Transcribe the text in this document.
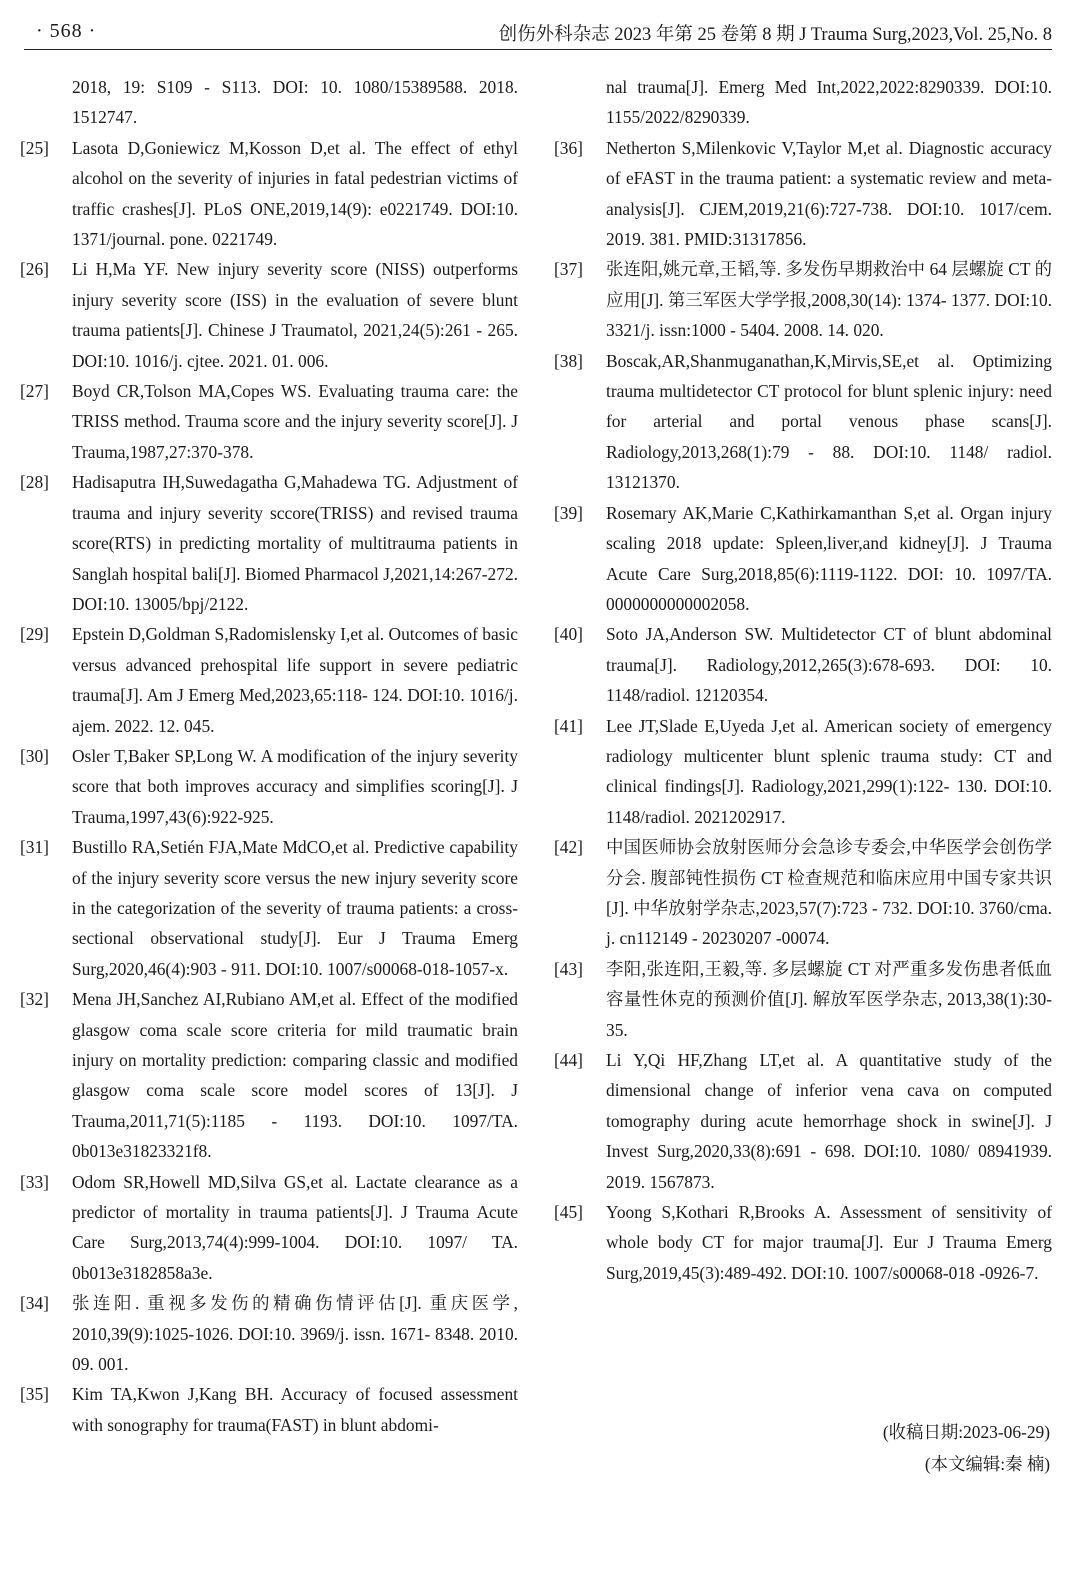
· 568 ·	创伤外科杂志 2023 年第 25 卷第 8 期 J Trauma Surg,2023,Vol. 25,No. 8
2018, 19: S109 - S113. DOI: 10. 1080/15389588. 2018. 1512747.
[25]	Lasota D,Goniewicz M,Kosson D,et al. The effect of ethyl alcohol on the severity of injuries in fatal pedestrian victims of traffic crashes[J]. PLoS ONE,2019,14(9): e0221749. DOI:10. 1371/journal. pone. 0221749.
[26]	Li H,Ma YF. New injury severity score (NISS) outperforms injury severity score (ISS) in the evaluation of severe blunt trauma patients[J]. Chinese J Traumatol, 2021,24(5):261 - 265. DOI:10. 1016/j. cjtee. 2021. 01. 006.
[27]	Boyd CR,Tolson MA,Copes WS. Evaluating trauma care: the TRISS method. Trauma score and the injury severity score[J]. J Trauma,1987,27:370-378.
[28]	Hadisaputra IH,Suwedagatha G,Mahadewa TG. Adjustment of trauma and injury severity sccore(TRISS) and revised trauma score(RTS) in predicting mortality of multitrauma patients in Sanglah hospital bali[J]. Biomed Pharmacol J,2021,14:267-272. DOI:10. 13005/bpj/2122.
[29]	Epstein D,Goldman S,Radomislensky I,et al. Outcomes of basic versus advanced prehospital life support in severe pediatric trauma[J]. Am J Emerg Med,2023,65:118- 124. DOI:10. 1016/j. ajem. 2022. 12. 045.
[30]	Osler T,Baker SP,Long W. A modification of the injury severity score that both improves accuracy and simplifies scoring[J]. J Trauma,1997,43(6):922-925.
[31]	Bustillo RA,Setién FJA,Mate MdCO,et al. Predictive capability of the injury severity score versus the new injury severity score in the categorization of the severity of trauma patients: a cross-sectional observational study[J]. Eur J Trauma Emerg Surg,2020,46(4):903 - 911. DOI:10. 1007/s00068-018-1057-x.
[32]	Mena JH,Sanchez AI,Rubiano AM,et al. Effect of the modified glasgow coma scale score criteria for mild traumatic brain injury on mortality prediction: comparing classic and modified glasgow coma scale score model scores of 13[J]. J Trauma,2011,71(5):1185 - 1193. DOI:10. 1097/TA. 0b013e31823321f8.
[33]	Odom SR,Howell MD,Silva GS,et al. Lactate clearance as a predictor of mortality in trauma patients[J]. J Trauma Acute Care Surg,2013,74(4):999-1004. DOI:10. 1097/ TA. 0b013e3182858a3e.
[34]	张连阳. 重视多发伤的精确伤情评估[J]. 重庆医学, 2010,39(9):1025-1026. DOI:10. 3969/j. issn. 1671- 8348. 2010. 09. 001.
[35]	Kim TA,Kwon J,Kang BH. Accuracy of focused assessment with sonography for trauma(FAST) in blunt abdomi-
nal trauma[J]. Emerg Med Int,2022,2022:8290339. DOI:10. 1155/2022/8290339.
[36]	Netherton S,Milenkovic V,Taylor M,et al. Diagnostic accuracy of eFAST in the trauma patient: a systematic review and meta-analysis[J]. CJEM,2019,21(6):727-738. DOI:10. 1017/cem. 2019. 381. PMID:31317856.
[37]	张连阳,姚元章,王韬,等. 多发伤早期救治中 64 层螺旋 CT 的应用[J]. 第三军医大学学报,2008,30(14): 1374- 1377. DOI:10. 3321/j. issn:1000 - 5404. 2008. 14. 020.
[38]	Boscak,AR,Shanmuganathan,K,Mirvis,SE,et al. Optimizing trauma multidetector CT protocol for blunt splenic injury: need for arterial and portal venous phase scans[J]. Radiology,2013,268(1):79 - 88. DOI:10. 1148/ radiol. 13121370.
[39]	Rosemary AK,Marie C,Kathirkamanthan S,et al. Organ injury scaling 2018 update: Spleen,liver,and kidney[J]. J Trauma Acute Care Surg,2018,85(6):1119-1122. DOI: 10. 1097/TA. 0000000000002058.
[40]	Soto JA,Anderson SW. Multidetector CT of blunt abdominal trauma[J]. Radiology,2012,265(3):678-693. DOI: 10. 1148/radiol. 12120354.
[41]	Lee JT,Slade E,Uyeda J,et al. American society of emergency radiology multicenter blunt splenic trauma study: CT and clinical findings[J]. Radiology,2021,299(1):122- 130. DOI:10. 1148/radiol. 2021202917.
[42]	中国医师协会放射医师分会急诊专委会,中华医学会创伤学分会. 腹部钝性损伤 CT 检查规范和临床应用中国专家共识[J]. 中华放射学杂志,2023,57(7):723 - 732. DOI:10. 3760/cma. j. cn112149 - 20230207 -00074.
[43]	李阳,张连阳,王毅,等. 多层螺旋 CT 对严重多发伤患者低血容量性休克的预测价值[J]. 解放军医学杂志, 2013,38(1):30-35.
[44]	Li Y,Qi HF,Zhang LT,et al. A quantitative study of the dimensional change of inferior vena cava on computed tomography during acute hemorrhage shock in swine[J]. J Invest Surg,2020,33(8):691 - 698. DOI:10. 1080/ 08941939. 2019. 1567873.
[45]	Yoong S,Kothari R,Brooks A. Assessment of sensitivity of whole body CT for major trauma[J]. Eur J Trauma Emerg Surg,2019,45(3):489-492. DOI:10. 1007/s00068-018 -0926-7.
(收稿日期:2023-06-29)
(本文编辑:秦 楠)
